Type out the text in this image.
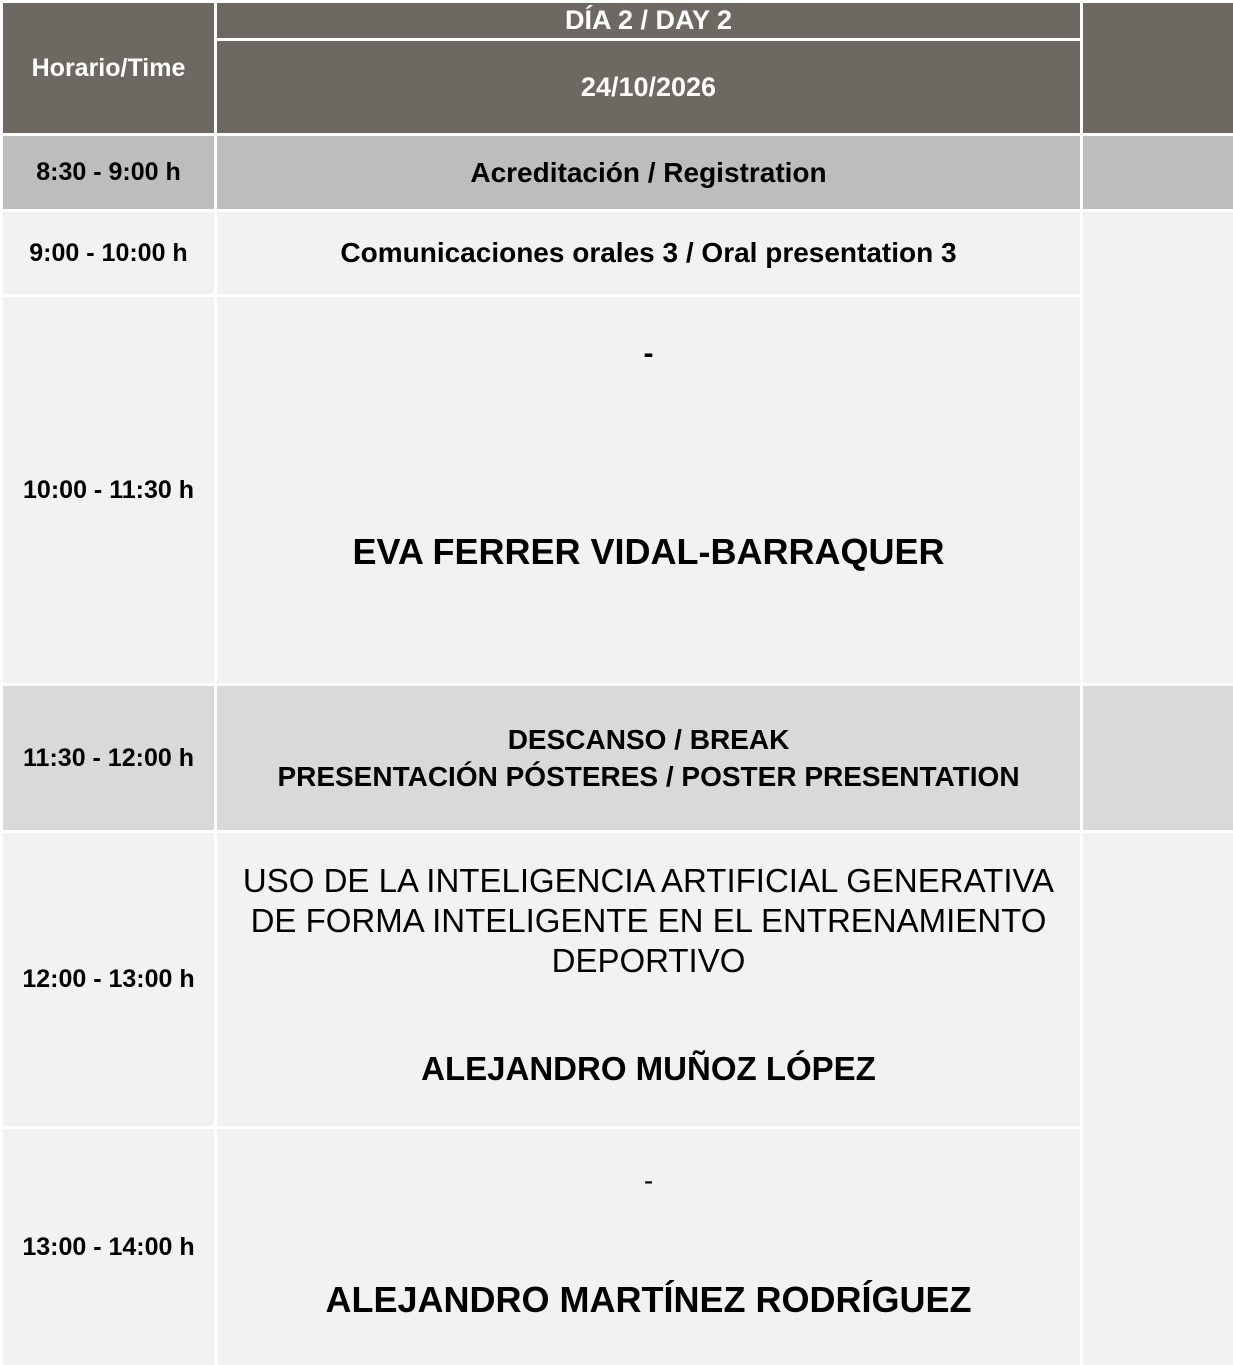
Horario/Time
DÍA 2 / DAY 2
24/10/2026
8:30 - 9:00 h	Acreditación / Registration
9:00 - 10:00 h	Comunicaciones orales 3 / Oral presentation 3
10:00 - 11:30 h
-
EVA FERRER VIDAL-BARRAQUER
11:30 - 12:00 h
DESCANSO / BREAK
PRESENTACIÓN PÓSTERES / POSTER PRESENTATION
12:00 - 13:00 h
USO DE LA INTELIGENCIA ARTIFICIAL GENERATIVA
DE FORMA INTELIGENTE EN EL ENTRENAMIENTO
DEPORTIVO
ALEJANDRO MUÑOZ LÓPEZ
13:00 - 14:00 h
-
ALEJANDRO MARTÍNEZ RODRÍGUEZ
